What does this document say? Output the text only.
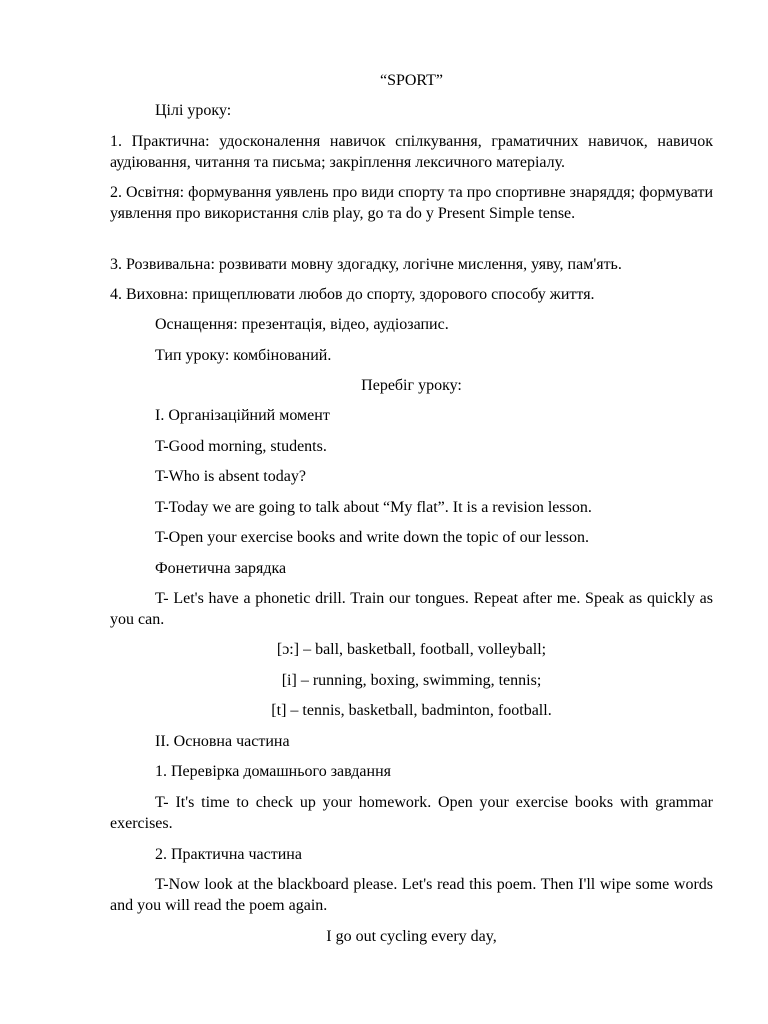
“SPORT”

Цілі уроку:

1. Практична: удосконалення навичок спілкування, граматичних навичок, навичок аудіювання, читання та письма; закріплення лексичного матеріалу.

2. Освітня: формування уявлень про види спорту та про спортивне знаряддя; формувати уявлення про використання слів play, go та do у Present Simple tense.

3. Розвивальна: розвивати мовну здогадку, логічне мислення, уяву, пам'ять.

4. Виховна: прищеплювати любов до спорту, здорового способу життя.

Оснащення: презентація, відео, аудіозапис.

Тип уроку: комбінований.

Перебіг уроку:

I. Організаційний момент

T-Good morning, students.

T-Who is absent today?

T-Today we are going to talk about “My flat”. It is a revision lesson.

T-Open your exercise books and write down the topic of our lesson.

Фонетична зарядка

T- Let's have a phonetic drill. Train our tongues. Repeat after me. Speak as quickly as you can.

[ɔ:] – ball, basketball, football, volleyball;

[i] – running, boxing, swimming, tennis;

[t] – tennis, basketball, badminton, football.

II. Основна частина

1. Перевірка домашнього завдання

T- It's time to check up your homework. Open your exercise books with grammar exercises.

2. Практична частина

T-Now look at the blackboard please. Let's read this poem. Then I'll wipe some words and you will read the poem again.

I go out cycling every day,
